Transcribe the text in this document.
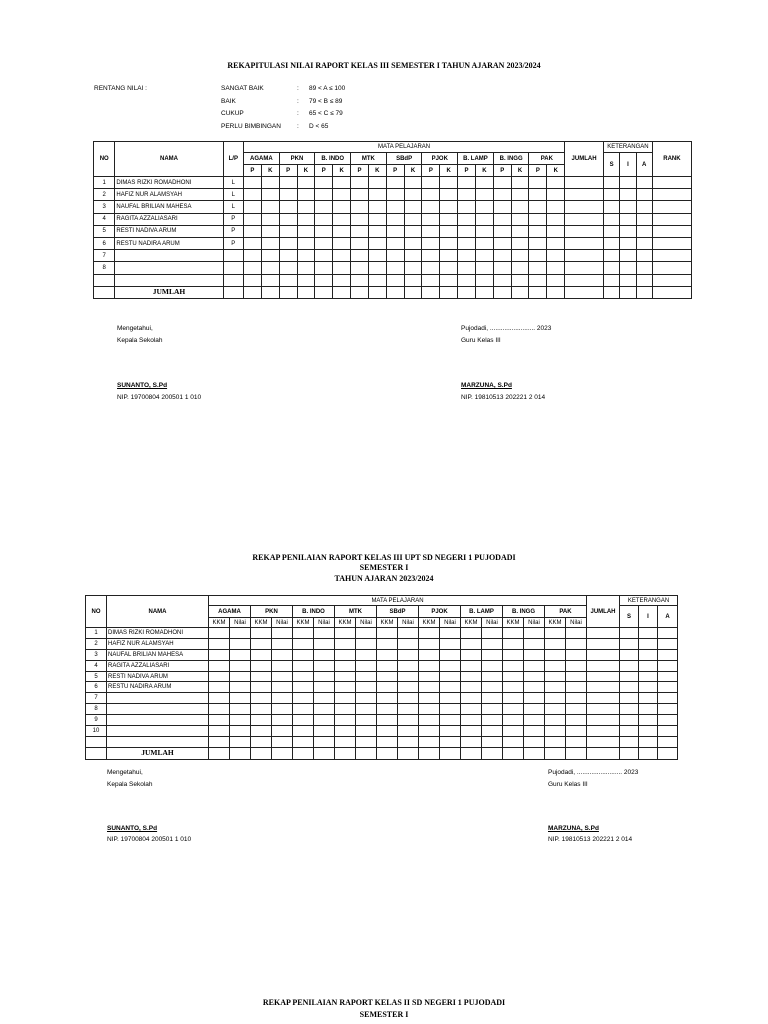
REKAPITULASI NILAI RAPORT KELAS III SEMESTER I TAHUN AJARAN 2023/2024
RENTANG NILAI :	SANGAT BAIK	: 89 < A ≤ 100
BAIK	: 79 < B ≤ 89
CUKUP	: 65 < C ≤ 79
PERLU BIMBINGAN : D < 65
NO	NAMA	L/P	MATA PELAJARAN																		JUMLAH	KETERANGAN			RANK
			AGAMA		PKN		B. INDO		MTK		SBdP		PJOK		B. LAMP		B. INGG		PAK			S	I	A	
			P	K	P	K	P	K	P	K	P	K	P	K	P	K	P	K	P	K					
1	DIMAS RIZKI ROMADHONI	L																							
2	HAFIZ NUR ALAMSYAH	L																							
3	NAUFAL BRILIAN MAHESA	L																							
4	RAGITA AZZALIASARI	P																							
5	RESTI NADIVA ARUM	P																							
6	RESTU NADIRA ARUM	P																							
7																									
8																									

	JUMLAH																								
Mengetahui,
Kepala Sekolah
SUNANTO, S.Pd
NIP. 19700804 200501 1 010
Pujodadi, ......................... 2023
Guru Kelas III
MARZUNA, S.Pd
NIP. 19810513 202221 2 014
REKAP PENILAIAN RAPORT KELAS III UPT SD NEGERI 1 PUJODADI
SEMESTER I
TAHUN AJARAN 2023/2024
NO	NAMA	MATA PELAJARAN																		JUMLAH	KETERANGAN		
		AGAMA		PKN		B. INDO		MTK		SBdP		PJOK		B. LAMP		B. INGG		PAK			S	I	A
		KKM	Nilai	KKM	Nilai	KKM	Nilai	KKM	Nilai	KKM	Nilai	KKM	Nilai	KKM	Nilai	KKM	Nilai	KKM	Nilai				
1	DIMAS RIZKI ROMADHONI																						
2	HAFIZ NUR ALAMSYAH																						
3	NAUFAL BRILIAN MAHESA																						
4	RAGITA AZZALIASARI																						
5	RESTI NADIVA ARUM																						
6	RESTU NADIRA ARUM																						
7																							
8																							
9																							
10																							

	JUMLAH																						
Mengetahui,
Kepala Sekolah
SUNANTO, S.Pd
NIP. 19700804 200501 1 010
Pujodadi, ......................... 2023
Guru Kelas III
MARZUNA, S.Pd
NIP. 19810513 202221 2 014
REKAP PENILAIAN RAPORT KELAS II SD NEGERI 1 PUJODADI
SEMESTER I
